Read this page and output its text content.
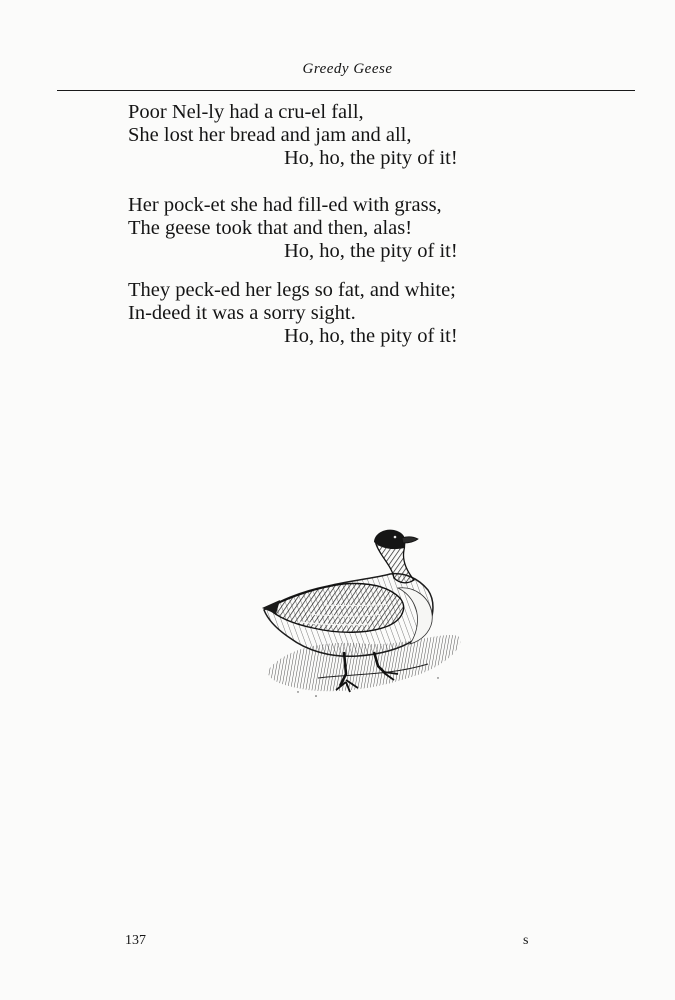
Greedy Geese
Poor Nel-ly had a cru-el fall,
She lost her bread and jam and all,
Ho, ho, the pity of it!
Her pock-et she had fill-ed with grass,
The geese took that and then, alas!
Ho, ho, the pity of it!
They peck-ed her legs so fat, and white;
In-deed it was a sorry sight.
Ho, ho, the pity of it!
137	s
